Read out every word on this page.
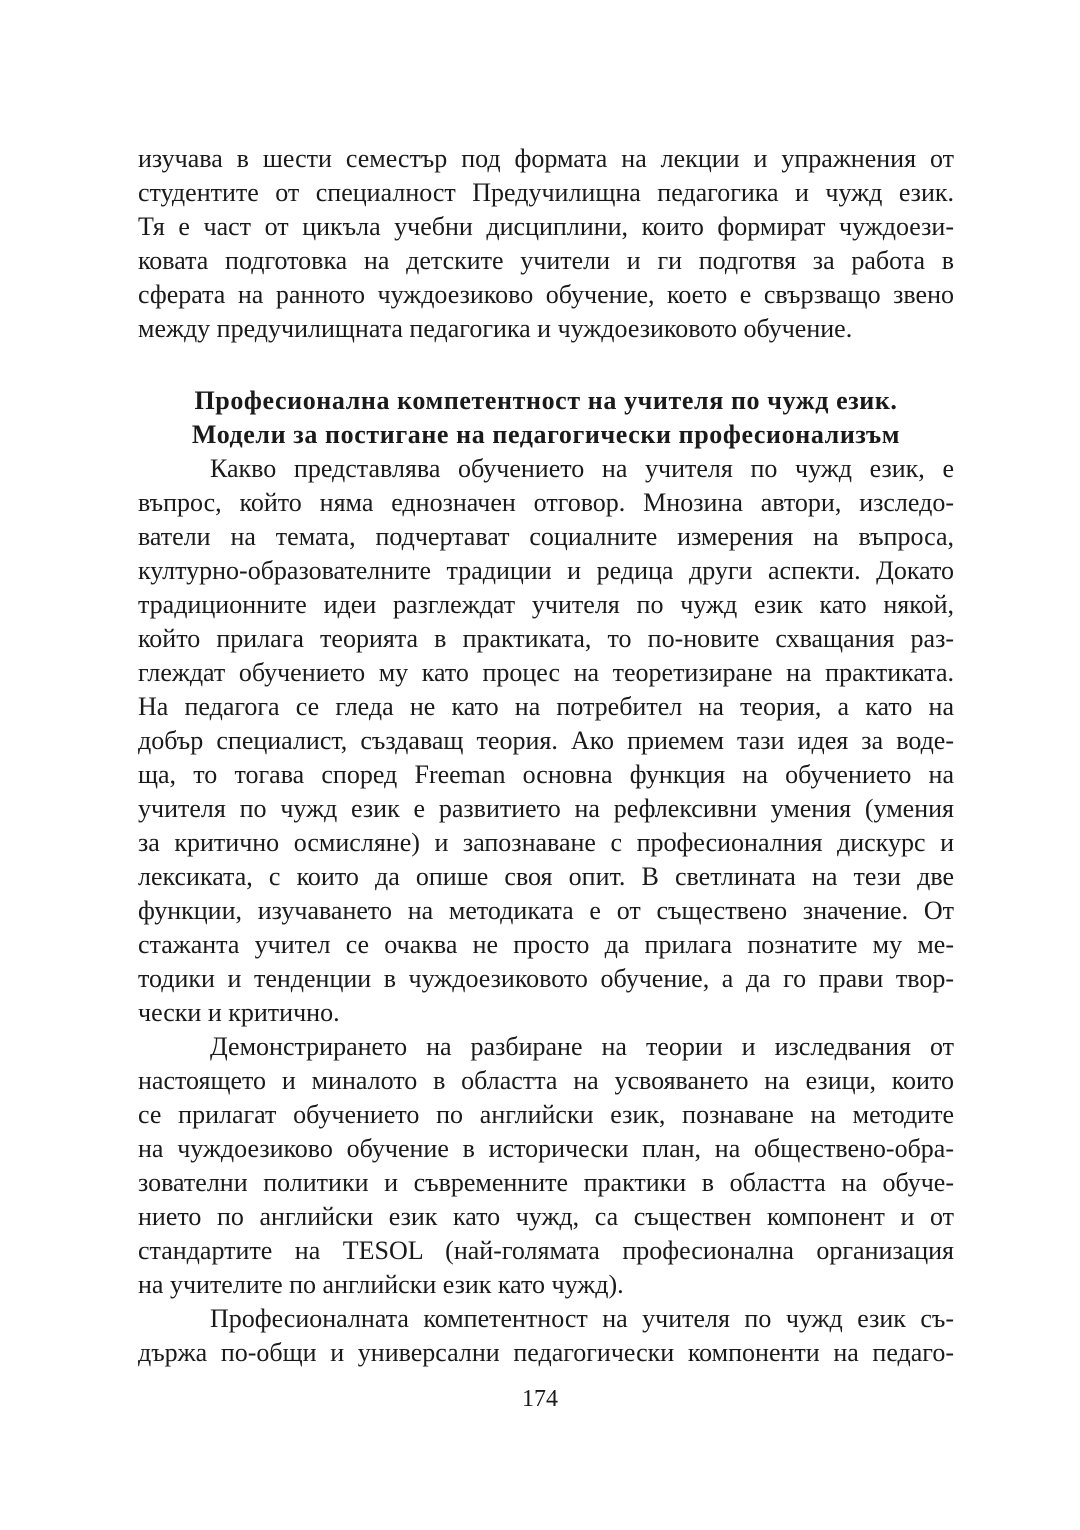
изучава в шести семестър под формата на лекции и упражнения от
студентите от специалност Предучилищна педагогика и чужд език.
Тя е част от цикъла учебни дисциплини, които формират чуждоези-
ковата подготовка на детските учители и ги подготвя за работа в
сферата на ранното чуждоезиково обучение, което е свързващо звено
между предучилищната педагогика и чуждоезиковото обучение.
Професионална компетентност на учителя по чужд език.
Модели за постигане на педагогически професионализъм
Какво представлява обучението на учителя по чужд език, е
въпрос, който няма еднозначен отговор. Мнозина автори, изследо-
ватели на темата, подчертават социалните измерения на въпроса,
културно-образователните традиции и редица други аспекти. Докато
традиционните идеи разглеждат учителя по чужд език като някой,
който прилага теорията в практиката, то по-новите схващания раз-
глеждат обучението му като процес на теоретизиране на практиката.
На педагога се гледа не като на потребител на теория, а като на
добър специалист, създаващ теория. Ако приемем тази идея за воде-
ща, то тогава според Freeman основна функция на обучението на
учителя по чужд език е развитието на рефлексивни умения (умения
за критично осмисляне) и запознаване с професионалния дискурс и
лексиката, с които да опише своя опит. В светлината на тези две
функции, изучаването на методиката е от съществено значение. От
стажанта учител се очаква не просто да прилага познатите му ме-
тодики и тенденции в чуждоезиковото обучение, а да го прави твор-
чески и критично.
Демонстрирането на разбиране на теории и изследвания от
настоящето и миналото в областта на усвояването на езици, които
се прилагат обучението по английски език, познаване на методите
на чуждоезиково обучение в исторически план, на обществено-обра-
зователни политики и съвременните практики в областта на обуче-
нието по английски език като чужд, са съществен компонент и от
стандартите на TESOL (най-голямата професионална организация
на учителите по английски език като чужд).
Професионалната компетентност на учителя по чужд език съ-
държа по-общи и универсални педагогически компоненти на педаго-
174
